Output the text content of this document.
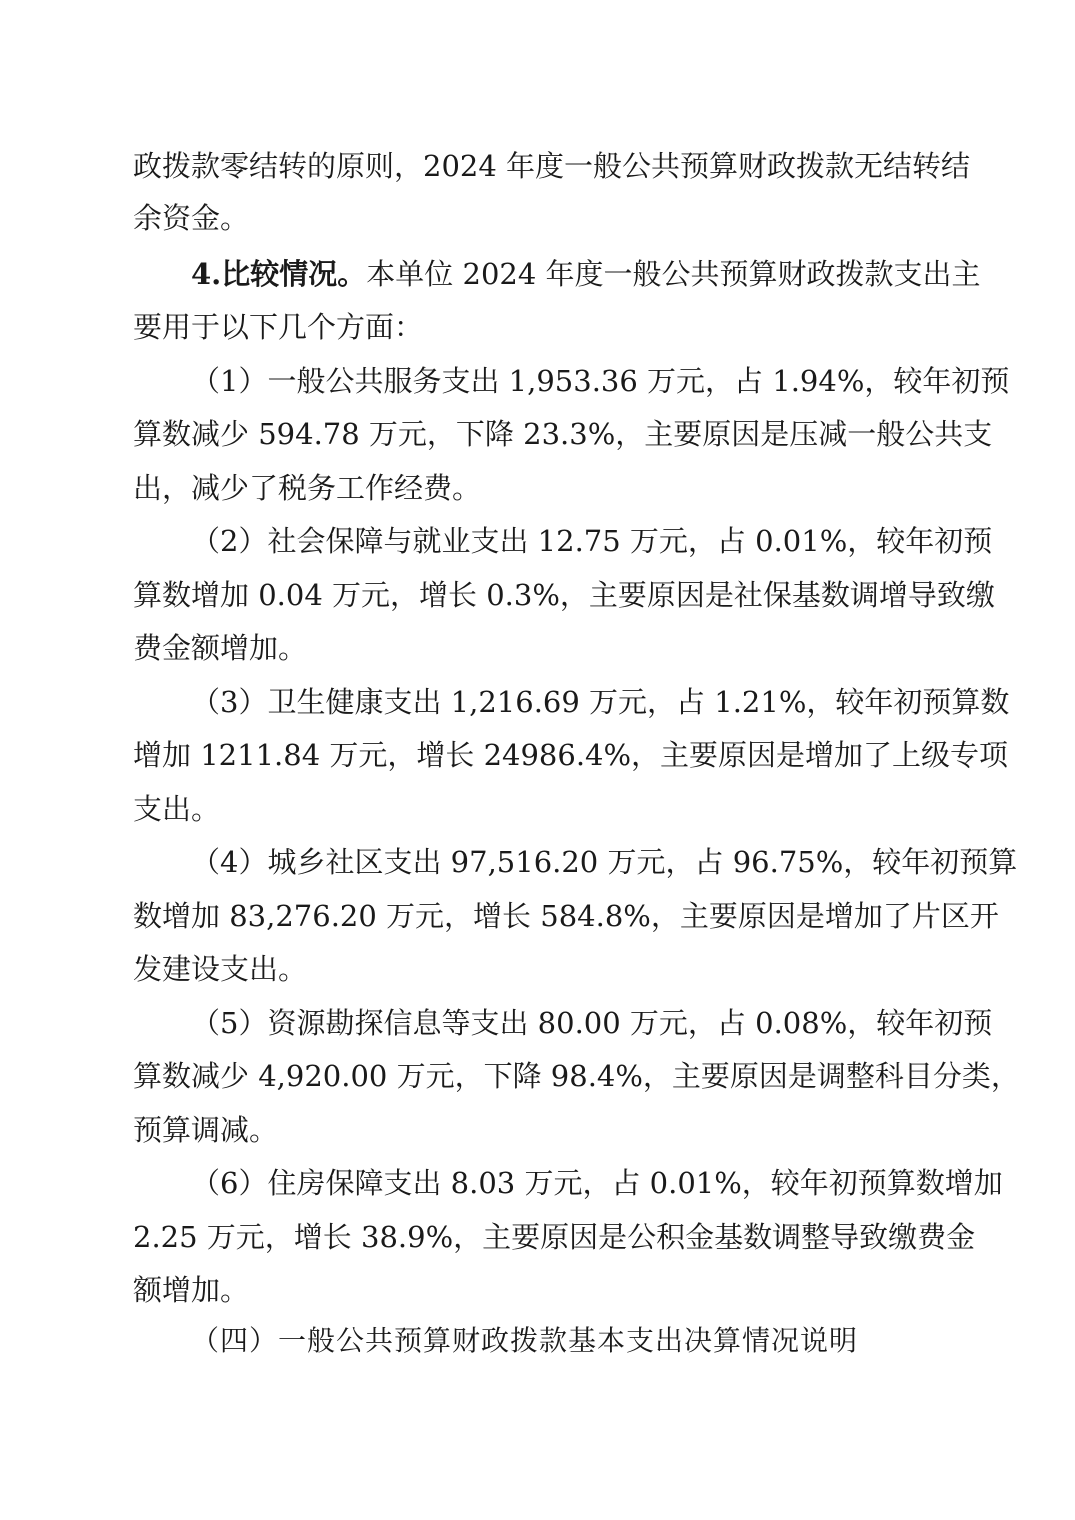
政拨款零结转的原则，2024 年度一般公共预算财政拨款无结转结
余资金。
4.比较情况。本单位 2024 年度一般公共预算财政拨款支出主
要用于以下几个方面：
（1）一般公共服务支出 1,953.36 万元，占 1.94%，较年初预
算数减少 594.78 万元，下降 23.3%，主要原因是压减一般公共支
出，减少了税务工作经费。
（2）社会保障与就业支出 12.75 万元，占 0.01%，较年初预
算数增加 0.04 万元，增长 0.3%，主要原因是社保基数调增导致缴
费金额增加。
（3）卫生健康支出 1,216.69 万元，占 1.21%，较年初预算数
增加 1211.84 万元，增长 24986.4%，主要原因是增加了上级专项
支出。
（4）城乡社区支出 97,516.20 万元，占 96.75%，较年初预算
数增加 83,276.20 万元，增长 584.8%，主要原因是增加了片区开
发建设支出。
（5）资源勘探信息等支出 80.00 万元，占 0.08%，较年初预
算数减少 4,920.00 万元，下降 98.4%，主要原因是调整科目分类，
预算调减。
（6）住房保障支出 8.03 万元，占 0.01%，较年初预算数增加
2.25 万元，增长 38.9%，主要原因是公积金基数调整导致缴费金
额增加。
（四）一般公共预算财政拨款基本支出决算情况说明
